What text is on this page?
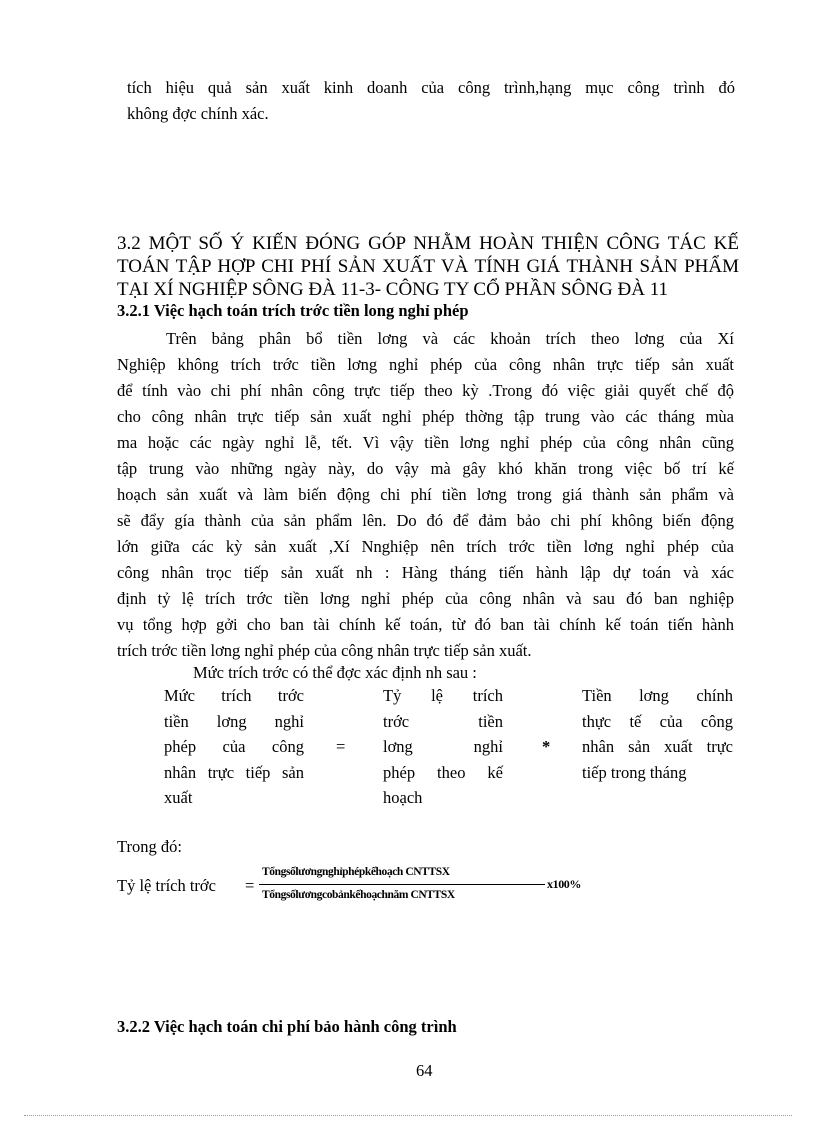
tích hiệu quả sản xuất kinh doanh của công trình,hạng mục công trình đó
không đợc chính xác.
3.2 MỘT SỐ Ý KIẾN ĐÓNG GÓP NHẰM HOÀN THIỆN CÔNG TÁC KẾ
TOÁN TẬP HỢP CHI PHÍ SẢN XUẤT VÀ TÍNH GIÁ THÀNH SẢN PHẨM
TẠI XÍ NGHIỆP SÔNG ĐÀ 11-3- CÔNG TY CỔ PHẦN SÔNG ĐÀ 11
3.2.1 Việc hạch toán trích trớc tiền long nghỉ phép
Trên bảng phân bổ tiền lơng và các khoản trích theo lơng của Xí
Nghiệp không trích trớc tiền lơng nghỉ phép của công nhân trực tiếp sản xuất
để tính vào chi phí nhân công trực tiếp theo kỳ .Trong đó việc giải quyết chế độ
cho công nhân trực tiếp sản xuất nghỉ phép thờng tập trung vào các tháng mùa
ma hoặc các ngày nghỉ lễ, tết. Vì vậy tiền lơng nghỉ phép của công nhân cũng
tập trung vào những ngày này, do vậy mà gây khó khăn trong việc bố trí kế
hoạch sản xuất và làm biến động chi phí tiền lơng trong giá thành sản phẩm và
sẽ đẩy gía thành của sản phẩm lên. Do đó để đảm bảo chi phí không biến động
lớn giữa các kỳ sản xuất ,Xí Nnghiệp nên trích trớc tiền lơng nghỉ phép của
công nhân trọc tiếp sản xuất nh : Hàng tháng tiến hành lập dự toán và xác
định tỷ lệ trích trớc tiền lơng nghỉ phép của công nhân và sau đó ban nghiệp
vụ tổng hợp gởi cho ban tài chính kế toán, từ đó ban tài chính kế toán tiến hành
trích trớc tiền lơng nghỉ phép của công nhân trực tiếp sản xuất.
Mức trích trớc có thể đợc xác định nh sau :
Mức trích trớc
tiền lơng nghỉ
phép của công
nhân trực tiếp sản
xuất
=
Tỷ lệ trích
trớc tiền
lơng nghỉ
phép theo kế
hoạch
*
Tiền lơng chính
thực tế của công
nhân sản xuất trực
tiếp trong tháng
Trong đó:
Tỷ lệ trích trớc =
Tổngsốlươngnghỉphépkếhoạch CNTTSX
Tổngsốlươngcobảnkếhoạchnăm CNTTSX
x100%
3.2.2 Việc hạch toán chi phí bảo hành công trình
64
